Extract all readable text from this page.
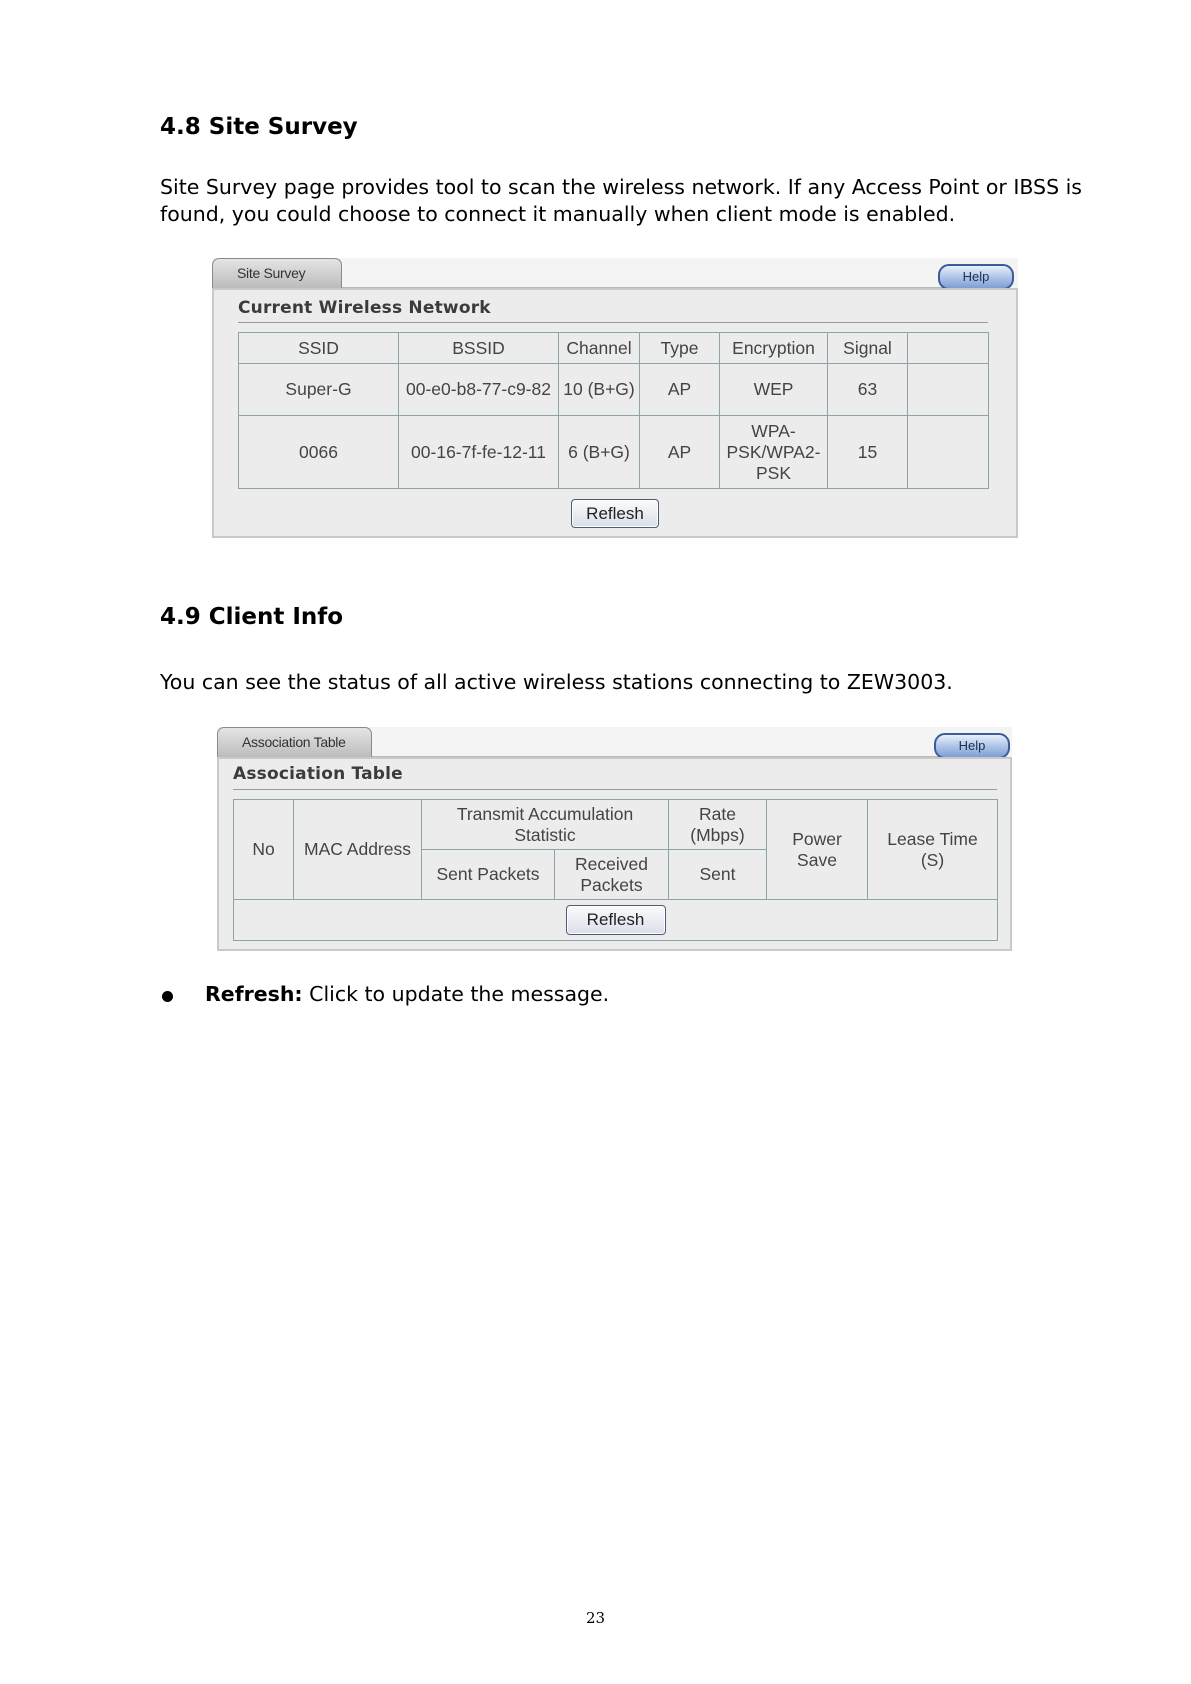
4.8 Site Survey

Site Survey page provides tool to scan the wireless network. If any Access Point or IBSS is found, you could choose to connect it manually when client mode is enabled.

Site Survey	Help
Current Wireless Network
SSID	BSSID	Channel	Type	Encryption	Signal	
Super-G	00-e0-b8-77-c9-82	10 (B+G)	AP	WEP	63	
0066	00-16-7f-fe-12-11	6 (B+G)	AP	WPA-PSK/WPA2-PSK	15	
Reflesh
4.9 Client Info

You can see the status of all active wireless stations connecting to ZEW3003.

Association Table	Help
Association Table
No	MAC Address	Transmit Accumulation Statistic		Rate (Mbps)	Power Save	Lease Time (S)
		Sent Packets	Received Packets	Sent		
Reflesh						

Refresh: Click to update the message.

23
